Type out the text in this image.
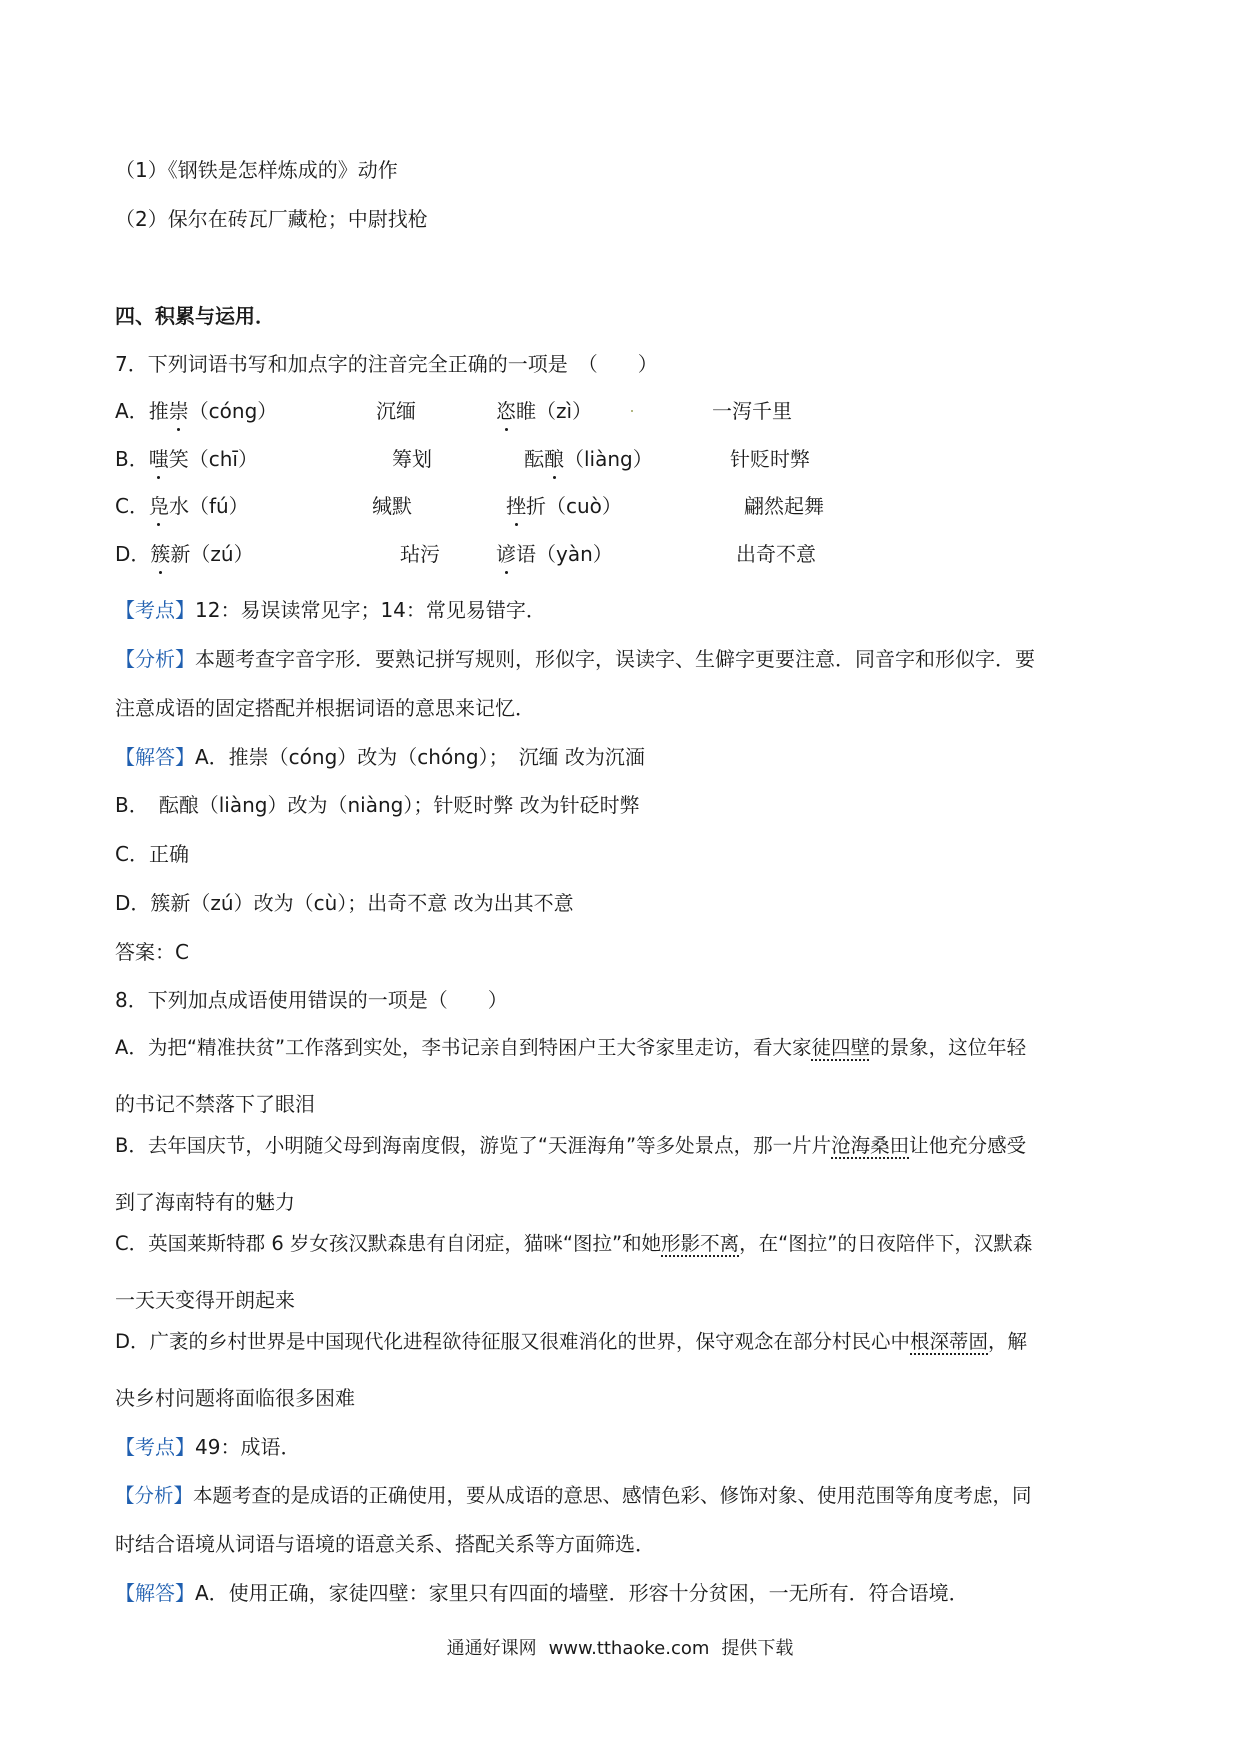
（1）《钢铁是怎样炼成的》动作
（2）保尔在砖瓦厂藏枪；中尉找枪
四、积累与运用．
7．下列词语书写和加点字的注音完全正确的一项是　（　　）
A．推崇（cóng）	沉缅	恣睢（zì）	一泻千里
B．嗤笑（chī）	筹划	酝酿（liàng）	针贬时弊
C．凫水（fú）	缄默	挫折（cuò）	翩然起舞
D．簇新（zú）	玷污	谚语（yàn）	出奇不意
【考点】12：易误读常见字；14：常见易错字．
【分析】本题考查字音字形．要熟记拼写规则，形似字，误读字、生僻字更要注意．同音字和形似字．要
注意成语的固定搭配并根据词语的意思来记忆．
【解答】A．推崇（cóng）改为（chóng）；　沉缅 改为沉湎
B．　酝酿（liàng）改为（niàng）；针贬时弊 改为针砭时弊
C．正确
D．簇新（zú）改为（cù）；出奇不意 改为出其不意
答案：C
8．下列加点成语使用错误的一项是（　　）
A．为把“精准扶贫”工作落到实处，李书记亲自到特困户王大爷家里走访，看大家徒四壁的景象，这位年轻
的书记不禁落下了眼泪
B．去年国庆节，小明随父母到海南度假，游览了“天涯海角”等多处景点，那一片片沧海桑田让他充分感受
到了海南特有的魅力
C．英国莱斯特郡 6 岁女孩汉默森患有自闭症，猫咪“图拉”和她形影不离，在“图拉”的日夜陪伴下，汉默森
一天天变得开朗起来
D．广袤的乡村世界是中国现代化进程欲待征服又很难消化的世界，保守观念在部分村民心中根深蒂固，解
决乡村问题将面临很多困难
【考点】49：成语．
【分析】本题考查的是成语的正确使用，要从成语的意思、感情色彩、修饰对象、使用范围等角度考虑，同
时结合语境从词语与语境的语意关系、搭配关系等方面筛选．
【解答】A．使用正确，家徒四壁：家里只有四面的墙壁．形容十分贫困，一无所有．符合语境．
通通好课网 www.tthaoke.com 提供下载
